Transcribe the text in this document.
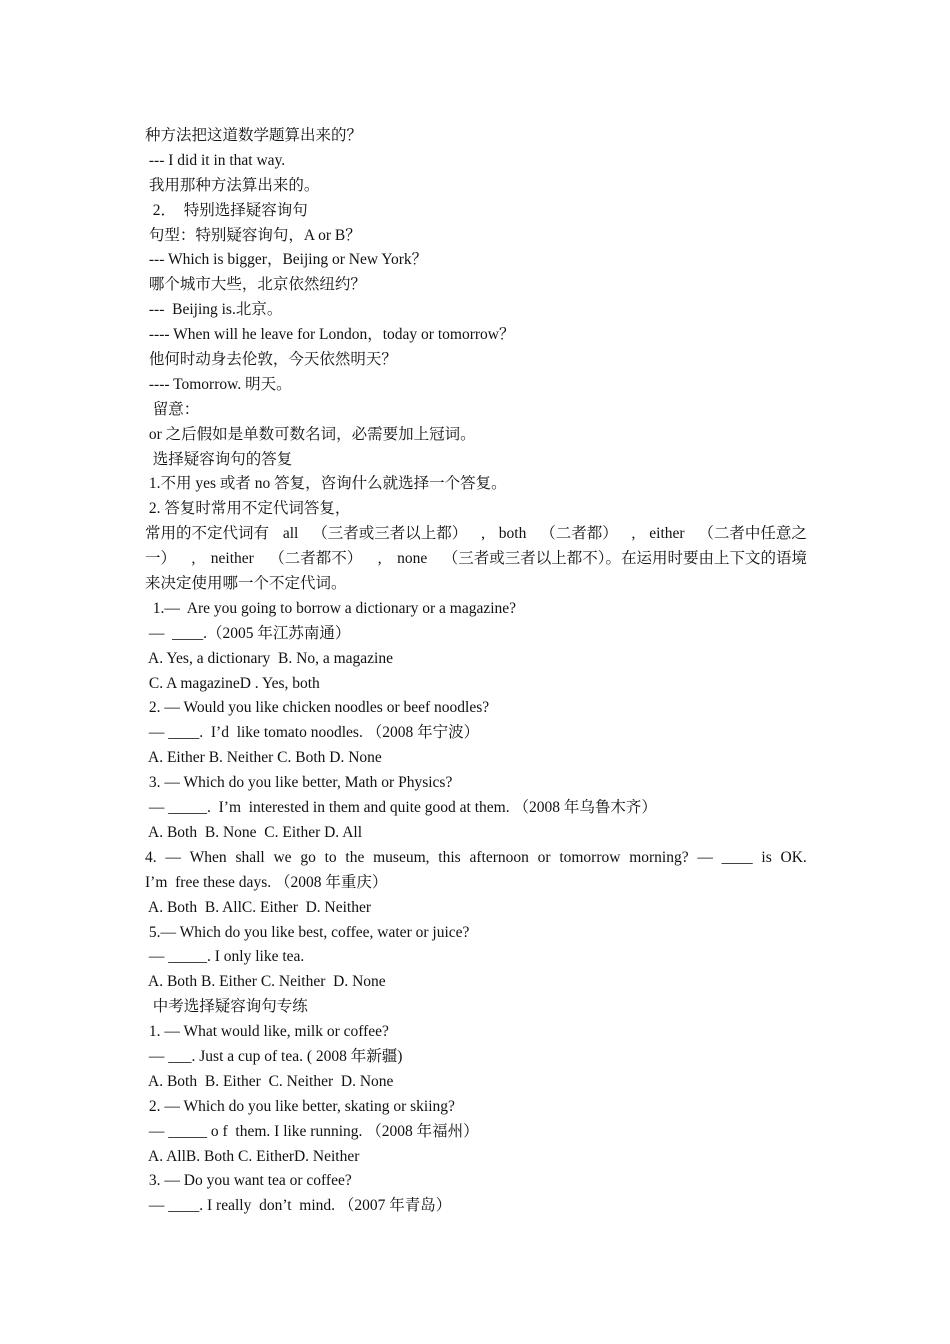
种方法把这道数学题算出来的？
--- I did it in that way.
我用那种方法算出来的。
2．  特别选择疑容询句
句型：特别疑容询句，A or B？
--- Which is bigger，Beijing or New York？
哪个城市大些，北京依然纽约？
---  Beijing is.北京。
---- When will he leave for London，today or tomorrow？
他何时动身去伦敦，今天依然明天？
---- Tomorrow. 明天。
留意：
or 之后假如是单数可数名词，必需要加上冠词。
选择疑容询句的答复
1.不用 yes 或者 no 答复，咨询什么就选择一个答复。
2. 答复时常用不定代词答复，
常用的不定代词有 all （三者或三者以上都） , both （二者都） , either （二者中任意之
一） , neither （二者都不） , none （三者或三者以上都不）。在运用时要由上下文的语境
来决定使用哪一个不定代词。
1.—  Are you going to borrow a dictionary or a magazine?
—  ____.（2005 年江苏南通）
A. Yes, a dictionary  B. No, a magazine
C. A magazineD . Yes, both
2. — Would you like chicken noodles or beef noodles?
— ____.  I’d  like tomato noodles. （2008 年宁波）
A. Either B. Neither C. Both D. None
3. — Which do you like better, Math or Physics?
— _____.  I’m  interested in them and quite good at them. （2008 年乌鲁木齐）
A. Both  B. None  C. Either D. All
4. — When shall we go to the museum, this afternoon or tomorrow morning? — ____ is OK.
I’m  free these days. （2008 年重庆）
A. Both  B. AllC. Either  D. Neither
5.— Which do you like best, coffee, water or juice?
— _____. I only like tea.
A. Both B. Either C. Neither  D. None
中考选择疑容询句专练
1. — What would like, milk or coffee?
— ___. Just a cup of tea. ( 2008 年新疆)
A. Both  B. Either  C. Neither  D. None
2. — Which do you like better, skating or skiing?
— _____ o f  them. I like running. （2008 年福州）
A. AllB. Both C. EitherD. Neither
3. — Do you want tea or coffee?
— ____. I really  don’t  mind. （2007 年青岛）
